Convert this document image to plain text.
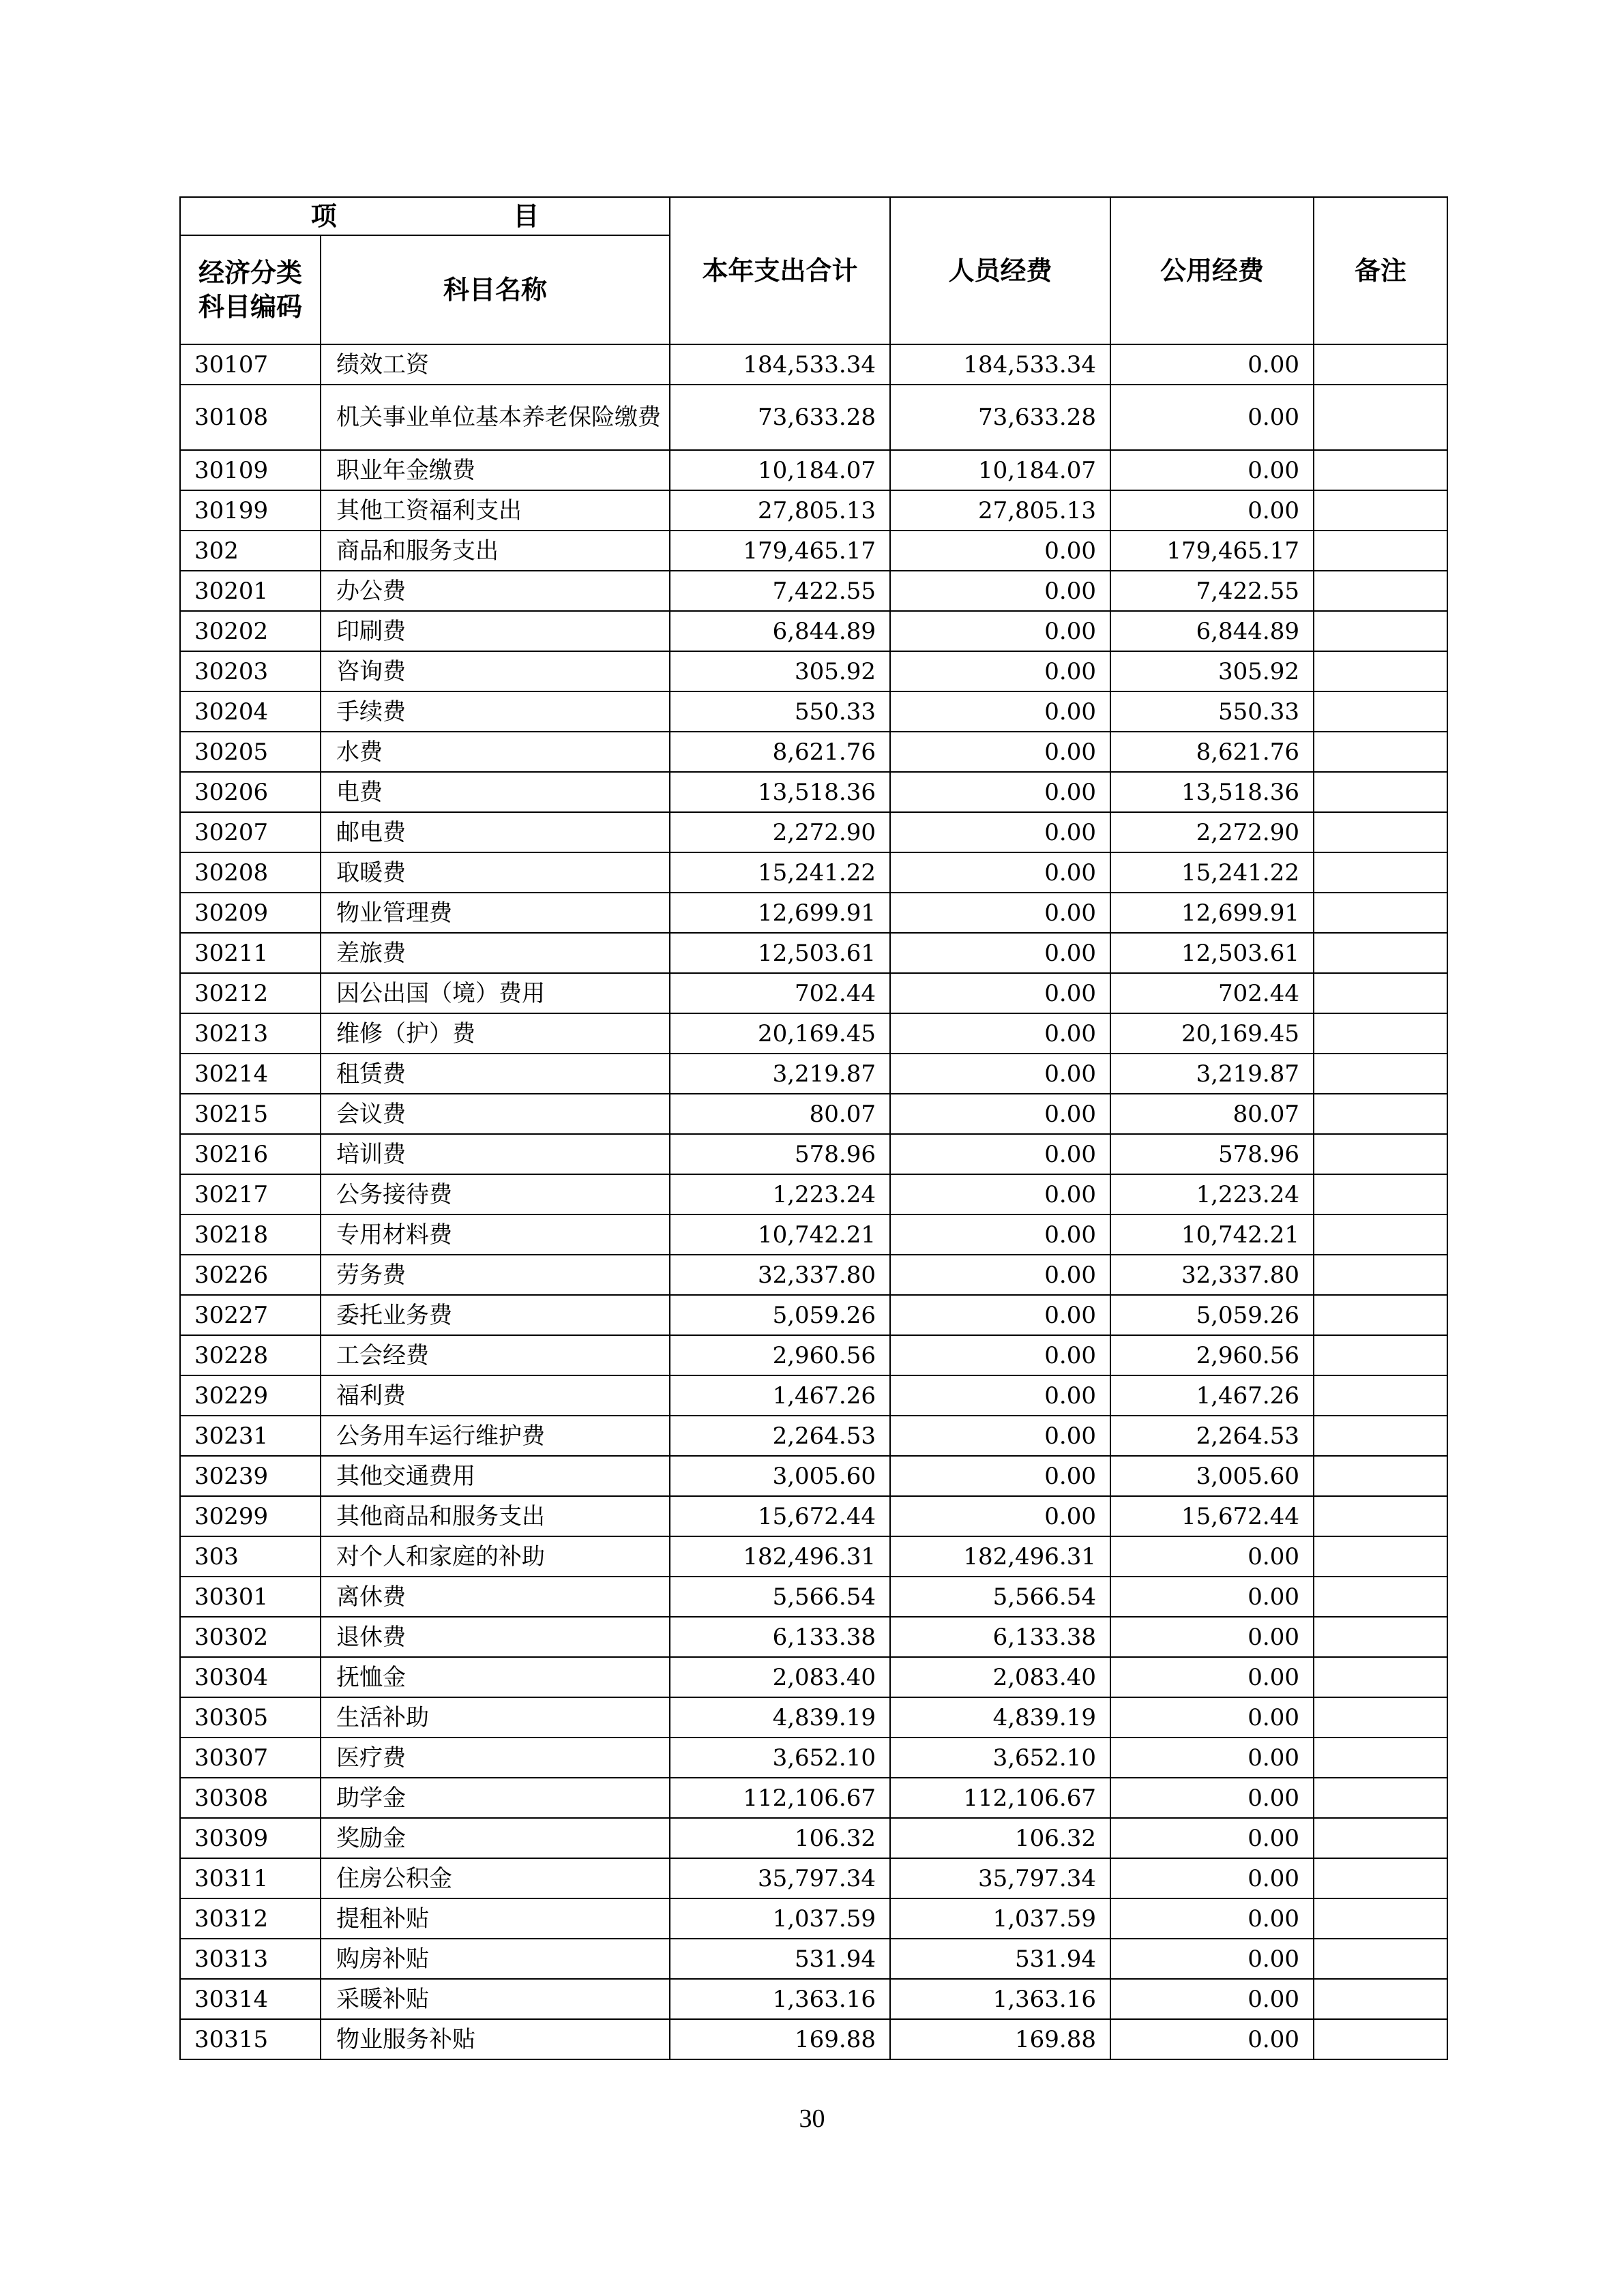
项　　目		本年支出合计	人员经费	公用经费	备注

经济分类科目编码	科目名称				
30107	绩效工资	184,533.34	184,533.34	0.00	
30108	机关事业单位基本养老保险缴费	73,633.28	73,633.28	0.00	
30109	职业年金缴费	10,184.07	10,184.07	0.00	
30199	其他工资福利支出	27,805.13	27,805.13	0.00	
302	商品和服务支出	179,465.17	0.00	179,465.17	
30201	办公费	7,422.55	0.00	7,422.55	
30202	印刷费	6,844.89	0.00	6,844.89	
30203	咨询费	305.92	0.00	305.92	
30204	手续费	550.33	0.00	550.33	
30205	水费	8,621.76	0.00	8,621.76	
30206	电费	13,518.36	0.00	13,518.36	
30207	邮电费	2,272.90	0.00	2,272.90	
30208	取暖费	15,241.22	0.00	15,241.22	
30209	物业管理费	12,699.91	0.00	12,699.91	
30211	差旅费	12,503.61	0.00	12,503.61	
30212	因公出国（境）费用	702.44	0.00	702.44	
30213	维修（护）费	20,169.45	0.00	20,169.45	
30214	租赁费	3,219.87	0.00	3,219.87	
30215	会议费	80.07	0.00	80.07	
30216	培训费	578.96	0.00	578.96	
30217	公务接待费	1,223.24	0.00	1,223.24	
30218	专用材料费	10,742.21	0.00	10,742.21	
30226	劳务费	32,337.80	0.00	32,337.80	
30227	委托业务费	5,059.26	0.00	5,059.26	
30228	工会经费	2,960.56	0.00	2,960.56	
30229	福利费	1,467.26	0.00	1,467.26	
30231	公务用车运行维护费	2,264.53	0.00	2,264.53	
30239	其他交通费用	3,005.60	0.00	3,005.60	
30299	其他商品和服务支出	15,672.44	0.00	15,672.44	
303	对个人和家庭的补助	182,496.31	182,496.31	0.00	
30301	离休费	5,566.54	5,566.54	0.00	
30302	退休费	6,133.38	6,133.38	0.00	
30304	抚恤金	2,083.40	2,083.40	0.00	
30305	生活补助	4,839.19	4,839.19	0.00	
30307	医疗费	3,652.10	3,652.10	0.00	
30308	助学金	112,106.67	112,106.67	0.00	
30309	奖励金	106.32	106.32	0.00	
30311	住房公积金	35,797.34	35,797.34	0.00	
30312	提租补贴	1,037.59	1,037.59	0.00	
30313	购房补贴	531.94	531.94	0.00	
30314	采暖补贴	1,363.16	1,363.16	0.00	
30315	物业服务补贴	169.88	169.88	0.00	
30
